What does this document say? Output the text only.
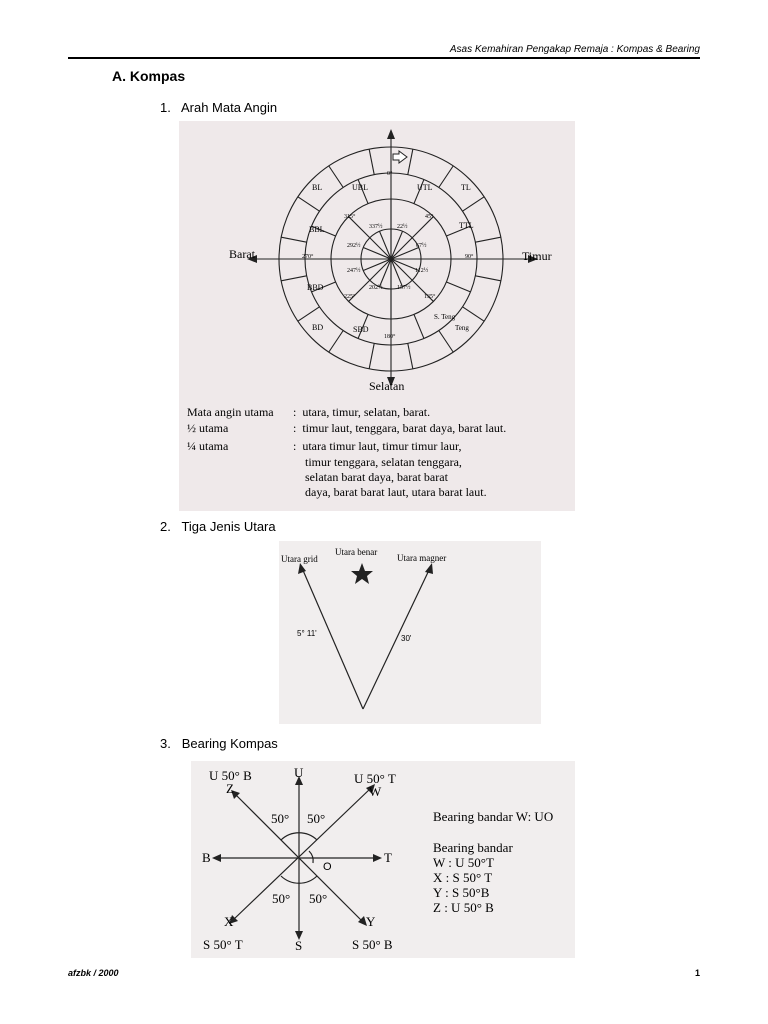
Asas Kemahiran Pengakap Remaja : Kompas & Bearing
A. Kompas
1. Arah Mata Angin
Barat	Timur
Selatan
BL	UBL	UTL	TL
BBL	TTL
BBD
BD	SBD
S. Teng
Teng
0°
90°
180°
270°
45°
135°
225°
315°
22½
67½
112½
157½
202½
247½
292½
337½
Mata angin utama : utara, timur, selatan, barat.
½ utama	: timur laut, tenggara, barat daya, barat laut.
¼ utama	: utara timur laut, timur timur laur,
timur tenggara, selatan tenggara,
selatan barat daya, barat barat
daya, barat barat laut, utara barat laut.
2. Tiga Jenis Utara
Utara grid
Utara benar
Utara magner
5° 11'
30'
3. Bearing Kompas
U
S
B	T
U 50° B	U 50° T
S 50° T	S 50° B
Z	W
X	Y
O
50° 50°
50° 50°
Bearing bandar W: UO
Bearing bandar
W : U 50°T
X : S 50° T
Y : S 50°B
Z : U 50° B
afzbk / 2000	1
